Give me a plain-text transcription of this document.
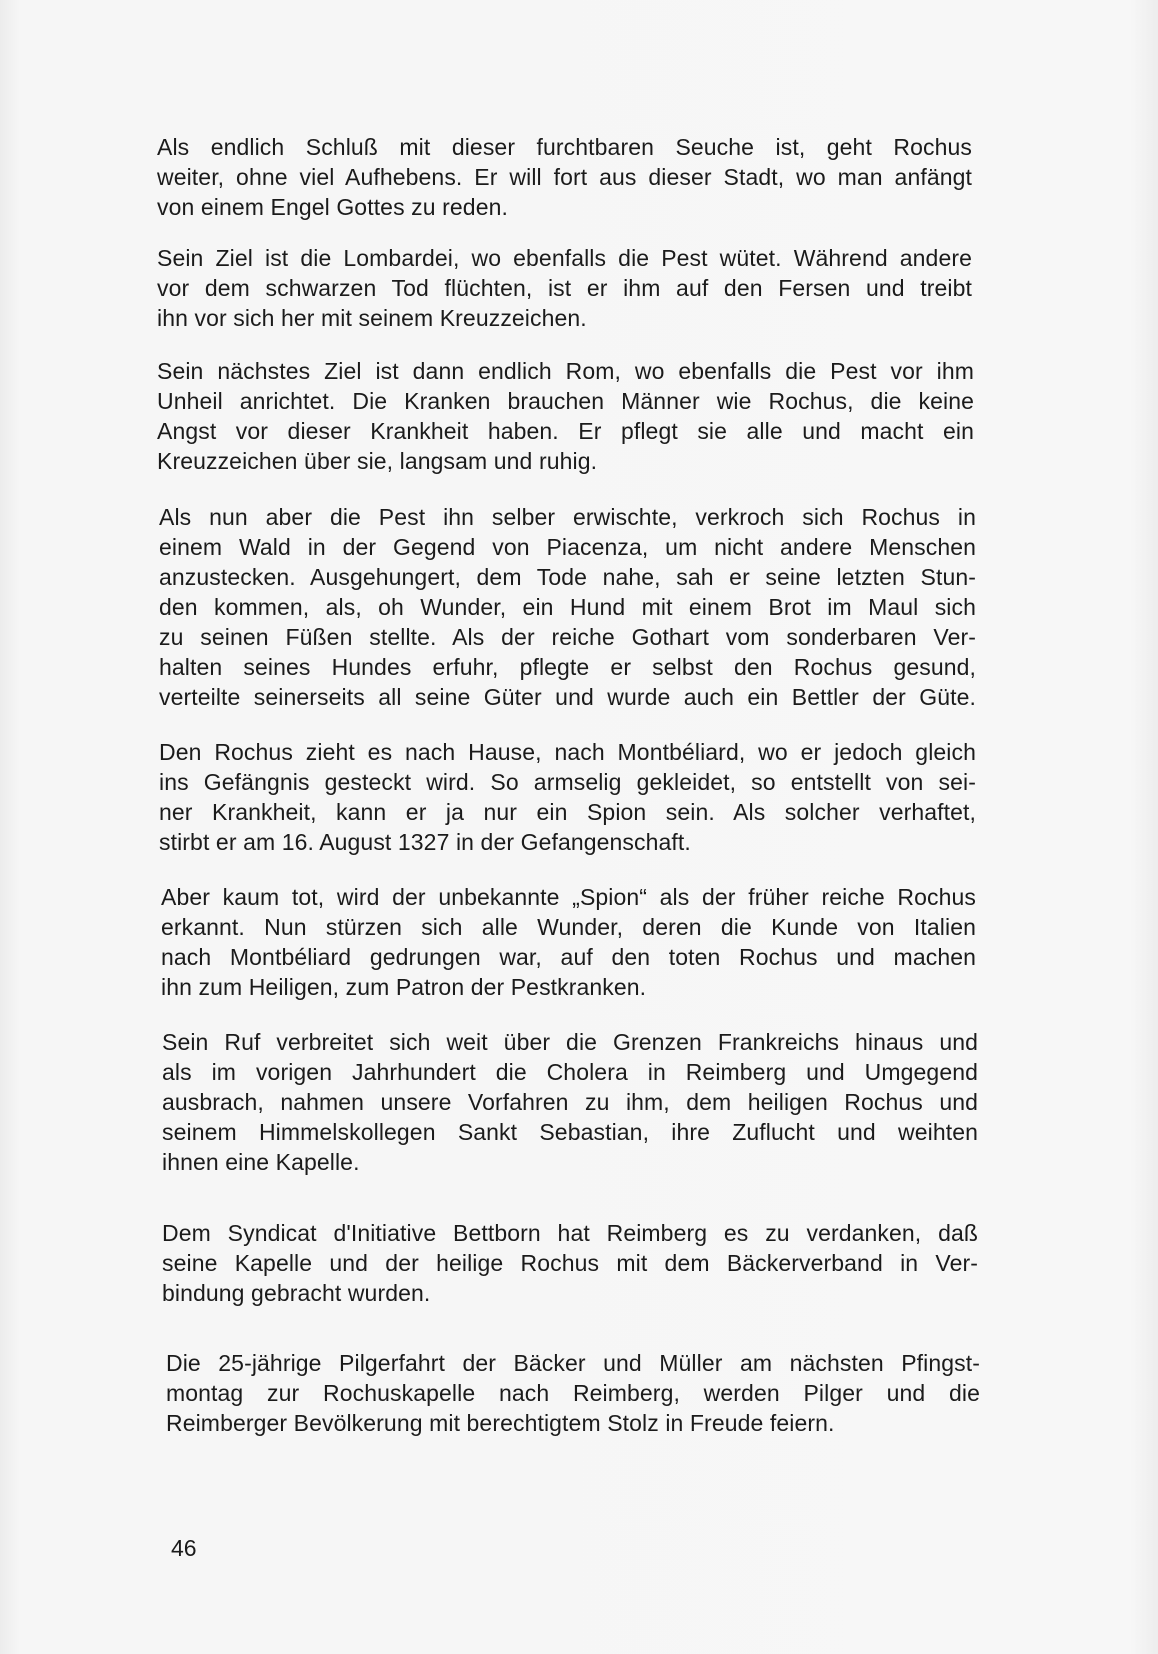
Als endlich Schluß mit dieser furchtbaren Seuche ist, geht Rochus
weiter, ohne viel Aufhebens. Er will fort aus dieser Stadt, wo man anfängt
von einem Engel Gottes zu reden.
Sein Ziel ist die Lombardei, wo ebenfalls die Pest wütet. Während andere
vor dem schwarzen Tod flüchten, ist er ihm auf den Fersen und treibt
ihn vor sich her mit seinem Kreuzzeichen.
Sein nächstes Ziel ist dann endlich Rom, wo ebenfalls die Pest vor ihm
Unheil anrichtet. Die Kranken brauchen Männer wie Rochus, die keine
Angst vor dieser Krankheit haben. Er pflegt sie alle und macht ein
Kreuzzeichen über sie, langsam und ruhig.
Als nun aber die Pest ihn selber erwischte, verkroch sich Rochus in
einem Wald in der Gegend von Piacenza, um nicht andere Menschen
anzustecken. Ausgehungert, dem Tode nahe, sah er seine letzten Stun-
den kommen, als, oh Wunder, ein Hund mit einem Brot im Maul sich
zu seinen Füßen stellte. Als der reiche Gothart vom sonderbaren Ver-
halten seines Hundes erfuhr, pflegte er selbst den Rochus gesund,
verteilte seinerseits all seine Güter und wurde auch ein Bettler der Güte.
Den Rochus zieht es nach Hause, nach Montbéliard, wo er jedoch gleich
ins Gefängnis gesteckt wird. So armselig gekleidet, so entstellt von sei-
ner Krankheit, kann er ja nur ein Spion sein. Als solcher verhaftet,
stirbt er am 16. August 1327 in der Gefangenschaft.
Aber kaum tot, wird der unbekannte „Spion“ als der früher reiche Rochus
erkannt. Nun stürzen sich alle Wunder, deren die Kunde von Italien
nach Montbéliard gedrungen war, auf den toten Rochus und machen
ihn zum Heiligen, zum Patron der Pestkranken.
Sein Ruf verbreitet sich weit über die Grenzen Frankreichs hinaus und
als im vorigen Jahrhundert die Cholera in Reimberg und Umgegend
ausbrach, nahmen unsere Vorfahren zu ihm, dem heiligen Rochus und
seinem Himmelskollegen Sankt Sebastian, ihre Zuflucht und weihten
ihnen eine Kapelle.
Dem Syndicat d'Initiative Bettborn hat Reimberg es zu verdanken, daß
seine Kapelle und der heilige Rochus mit dem Bäckerverband in Ver-
bindung gebracht wurden.
Die 25-jährige Pilgerfahrt der Bäcker und Müller am nächsten Pfingst-
montag zur Rochuskapelle nach Reimberg, werden Pilger und die
Reimberger Bevölkerung mit berechtigtem Stolz in Freude feiern.
46
